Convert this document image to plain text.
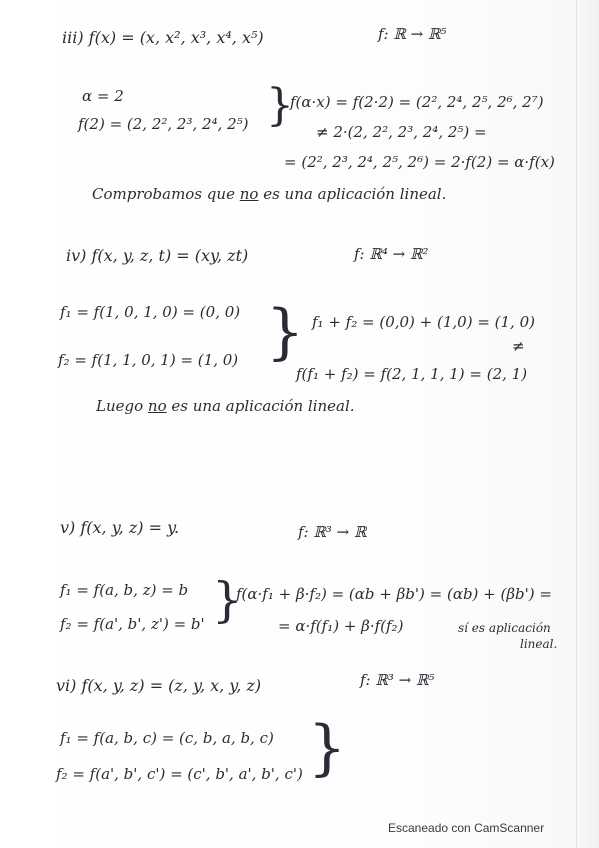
iii) f(x) = (x, x², x³, x⁴, x⁵)	f: ℝ → ℝ⁵
α = 2
f(2) = (2, 2², 2³, 2⁴, 2⁵) }
f(α·x) = f(2·2) = (2², 2⁴, 2⁵, 2⁶, 2⁷)
≠ 2·(2, 2², 2³, 2⁴, 2⁵) =
= (2², 2³, 2⁴, 2⁵, 2⁶) = 2·f(2) = α·f(x)
Comprobamos que no es una aplicación lineal.
iv) f(x, y, z, t) = (xy, zt)	f: ℝ⁴ → ℝ²
f₁ = f(1, 0, 1, 0) = (0, 0)
f₂ = f(1, 1, 0, 1) = (1, 0) } f₁ + f₂ = (0,0) + (1,0) = (1, 0)
≠
f(f₁ + f₂) = f(2, 1, 1, 1) = (2, 1)
Luego no es una aplicación lineal.
v) f(x, y, z) = y.	f: ℝ³ → ℝ
f₁ = f(a, b, z) = b
f₂ = f(a', b', z') = b' }
f(α·f₁ + β·f₂) = (αb + βb') = (αb) + (βb') =
= α·f(f₁) + β·f(f₂)	sí es aplicación
lineal.
vi) f(x, y, z) = (z, y, x, y, z)	f: ℝ³ → ℝ⁵
f₁ = f(a, b, c) = (c, b, a, b, c)
f₂ = f(a', b', c') = (c', b', a', b', c') }
Escaneado con CamScanner
